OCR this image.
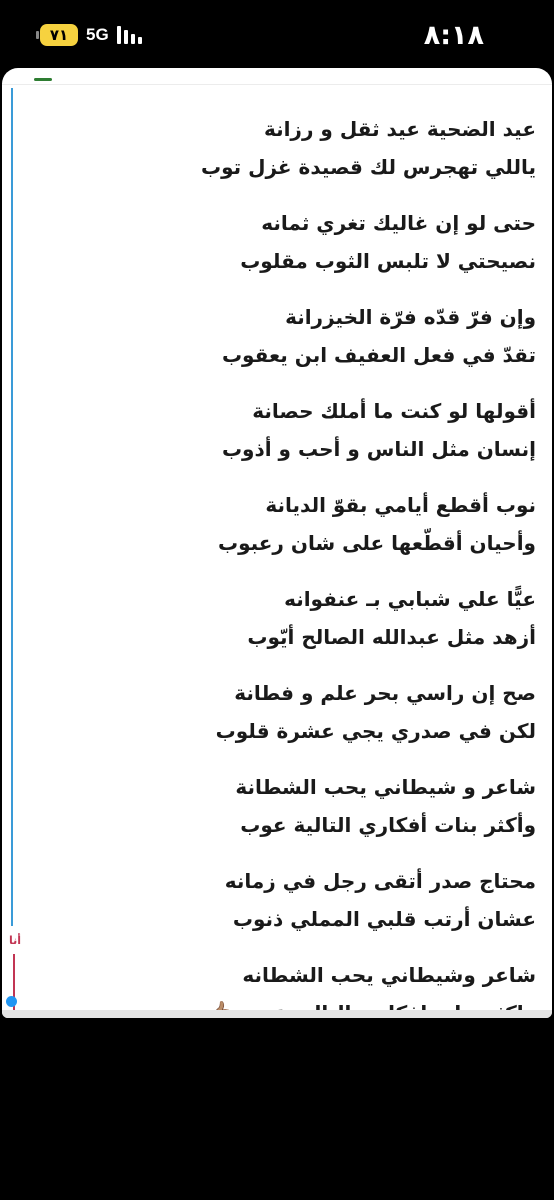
٧١ 5G	٨:١٨
أنا
عيد الضحية عيد ثقل و رزانة
ياللي تهجرس لك قصيدة غزل توب
حتى لو إن غاليك تغري ثمانه
نصيحتي لا تلبس الثوب مقلوب
وإن فرّ قدّه فرّة الخيزرانة
تقدّ في فعل العفيف ابن يعقوب
أقولها لو كنت ما أملك حصانة
إنسان مثل الناس و أحب و أذوب
نوب أقطع أيامي بقوّ الديانة
وأحيان أقطّعها على شان رعبوب
عيًّا علي شبابي بـ عنفوانه
أزهد مثل عبدالله الصالح أيّوب
صح إن راسي بحر علم و فطانة
لكن في صدري يجي عشرة قلوب
شاعر و شيطاني يحب الشطانة
وأكثر بنات أفكاري التالية عوب
محتاج صدر أتقى رجل في زمانه
عشان أرتب قلبي المملي ذنوب
شاعر وشيطاني يحب الشطانه
